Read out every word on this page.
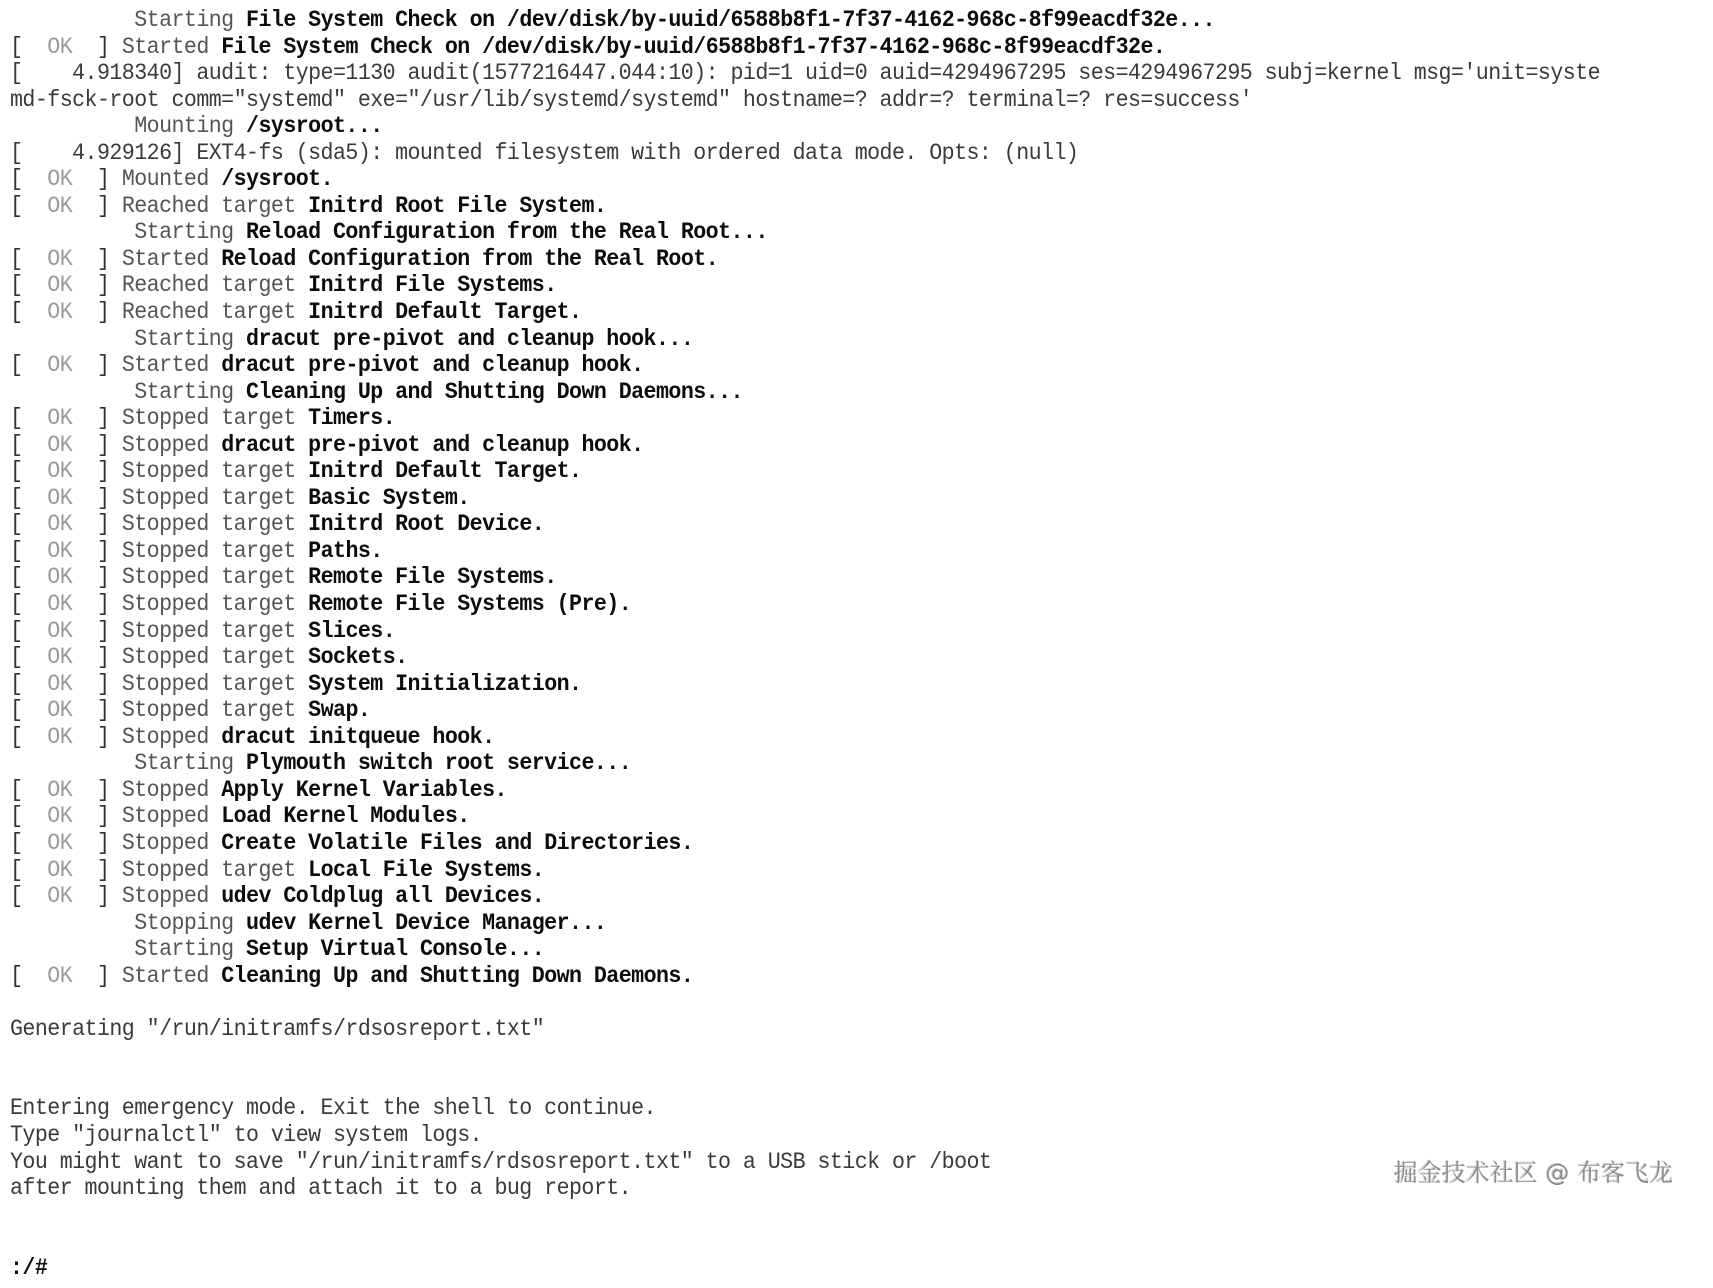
Starting File System Check on /dev/disk/by-uuid/6588b8f1-7f37-4162-968c-8f99eacdf32e...
[  OK  ] Started File System Check on /dev/disk/by-uuid/6588b8f1-7f37-4162-968c-8f99eacdf32e.
[    4.918340] audit: type=1130 audit(1577216447.044:10): pid=1 uid=0 auid=4294967295 ses=4294967295 subj=kernel msg='unit=syste
md-fsck-root comm="systemd" exe="/usr/lib/systemd/systemd" hostname=? addr=? terminal=? res=success'
Mounting /sysroot...
[    4.929126] EXT4-fs (sda5): mounted filesystem with ordered data mode. Opts: (null)
[  OK  ] Mounted /sysroot.
[  OK  ] Reached target Initrd Root File System.
Starting Reload Configuration from the Real Root...
[  OK  ] Started Reload Configuration from the Real Root.
[  OK  ] Reached target Initrd File Systems.
[  OK  ] Reached target Initrd Default Target.
Starting dracut pre-pivot and cleanup hook...
[  OK  ] Started dracut pre-pivot and cleanup hook.
Starting Cleaning Up and Shutting Down Daemons...
[  OK  ] Stopped target Timers.
[  OK  ] Stopped dracut pre-pivot and cleanup hook.
[  OK  ] Stopped target Initrd Default Target.
[  OK  ] Stopped target Basic System.
[  OK  ] Stopped target Initrd Root Device.
[  OK  ] Stopped target Paths.
[  OK  ] Stopped target Remote File Systems.
[  OK  ] Stopped target Remote File Systems (Pre).
[  OK  ] Stopped target Slices.
[  OK  ] Stopped target Sockets.
[  OK  ] Stopped target System Initialization.
[  OK  ] Stopped target Swap.
[  OK  ] Stopped dracut initqueue hook.
Starting Plymouth switch root service...
[  OK  ] Stopped Apply Kernel Variables.
[  OK  ] Stopped Load Kernel Modules.
[  OK  ] Stopped Create Volatile Files and Directories.
[  OK  ] Stopped target Local File Systems.
[  OK  ] Stopped udev Coldplug all Devices.
Stopping udev Kernel Device Manager...
Starting Setup Virtual Console...
[  OK  ] Started Cleaning Up and Shutting Down Daemons.
Generating "/run/initramfs/rdsosreport.txt"
Entering emergency mode. Exit the shell to continue.
Type "journalctl" to view system logs.
You might want to save "/run/initramfs/rdsosreport.txt" to a USB stick or /boot
after mounting them and attach it to a bug report.
:/#
掘金技术社区 @ 布客飞龙
